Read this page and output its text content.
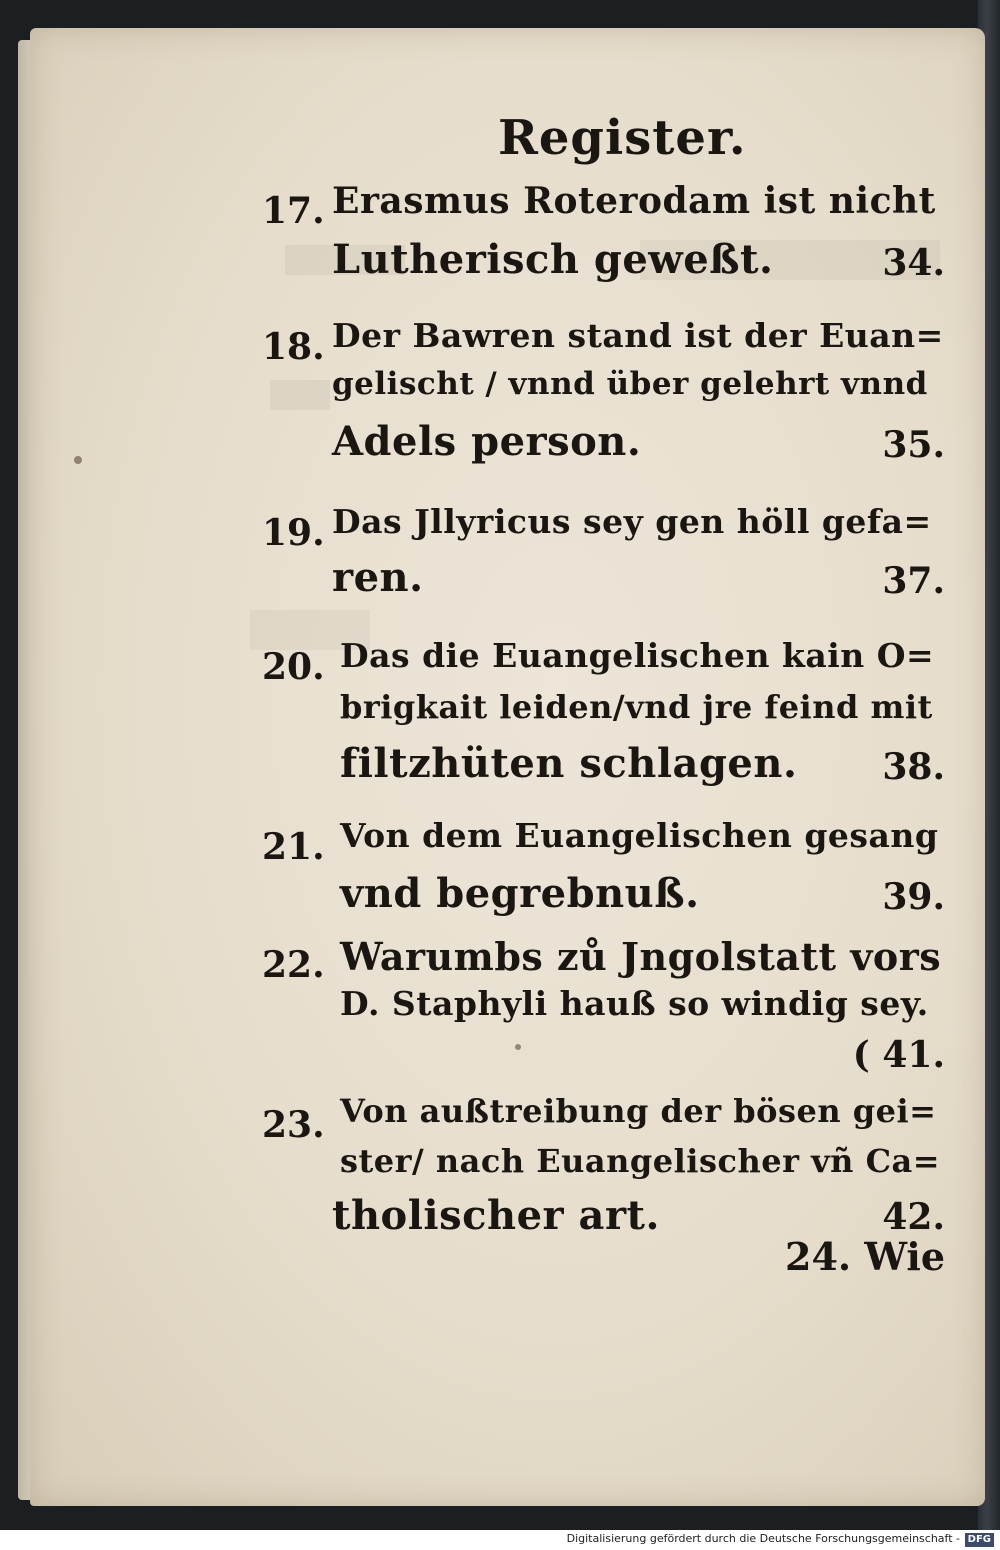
Register.
17. Erasmus Roterodam ist nicht
Lutherisch geweßt.	34.
18. Der Bawren stand ist der Euan=
gelischt / vnnd über gelehrt vnnd
Adels person.	35.
19. Das Jllyricus sey gen höll gefa=
ren.	37.
20. Das die Euangelischen kain O=
brigkait leiden/vnd jre feind mit
filtzhüten schlagen.	38.
21. Von dem Euangelischen gesang
vnd begrebnuß.	39.
22. Warumbs zů Jngolstatt vors
D. Staphyli hauß so windig sey.
( 41.
23. Von außtreibung der bösen gei=
ster/ nach Euangelischer vñ Ca=
tholischer art.	42.
24. Wie
Digitalisierung gefördert durch die Deutsche Forschungsgemeinschaft - DFG
